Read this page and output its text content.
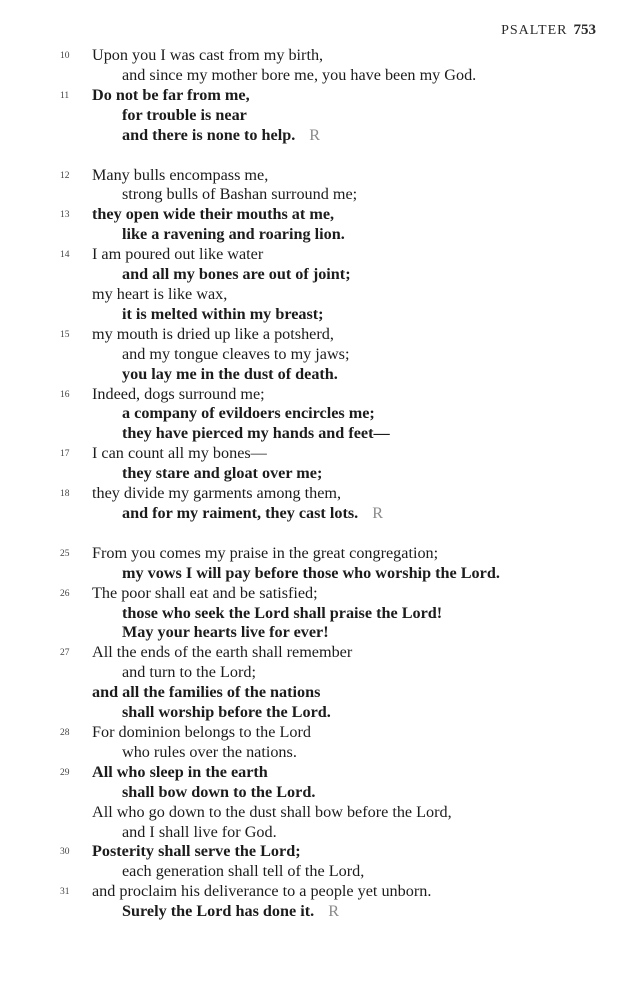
PSALTER 753
10 Upon you I was cast from my birth,
and since my mother bore me, you have been my God.
11 Do not be far from me,
for trouble is near
and there is none to help. R
12 Many bulls encompass me,
strong bulls of Bashan surround me;
13 they open wide their mouths at me,
like a ravening and roaring lion.
14 I am poured out like water
and all my bones are out of joint;
my heart is like wax,
it is melted within my breast;
15 my mouth is dried up like a potsherd,
and my tongue cleaves to my jaws;
you lay me in the dust of death.
16 Indeed, dogs surround me;
a company of evildoers encircles me;
they have pierced my hands and feet—
17 I can count all my bones—
they stare and gloat over me;
18 they divide my garments among them,
and for my raiment, they cast lots. R
25 From you comes my praise in the great congregation;
my vows I will pay before those who worship the Lord.
26 The poor shall eat and be satisfied;
those who seek the Lord shall praise the Lord!
May your hearts live for ever!
27 All the ends of the earth shall remember
and turn to the Lord;
and all the families of the nations
shall worship before the Lord.
28 For dominion belongs to the Lord
who rules over the nations.
29 All who sleep in the earth
shall bow down to the Lord.
All who go down to the dust shall bow before the Lord,
and I shall live for God.
30 Posterity shall serve the Lord;
each generation shall tell of the Lord,
31 and proclaim his deliverance to a people yet unborn.
Surely the Lord has done it. R
